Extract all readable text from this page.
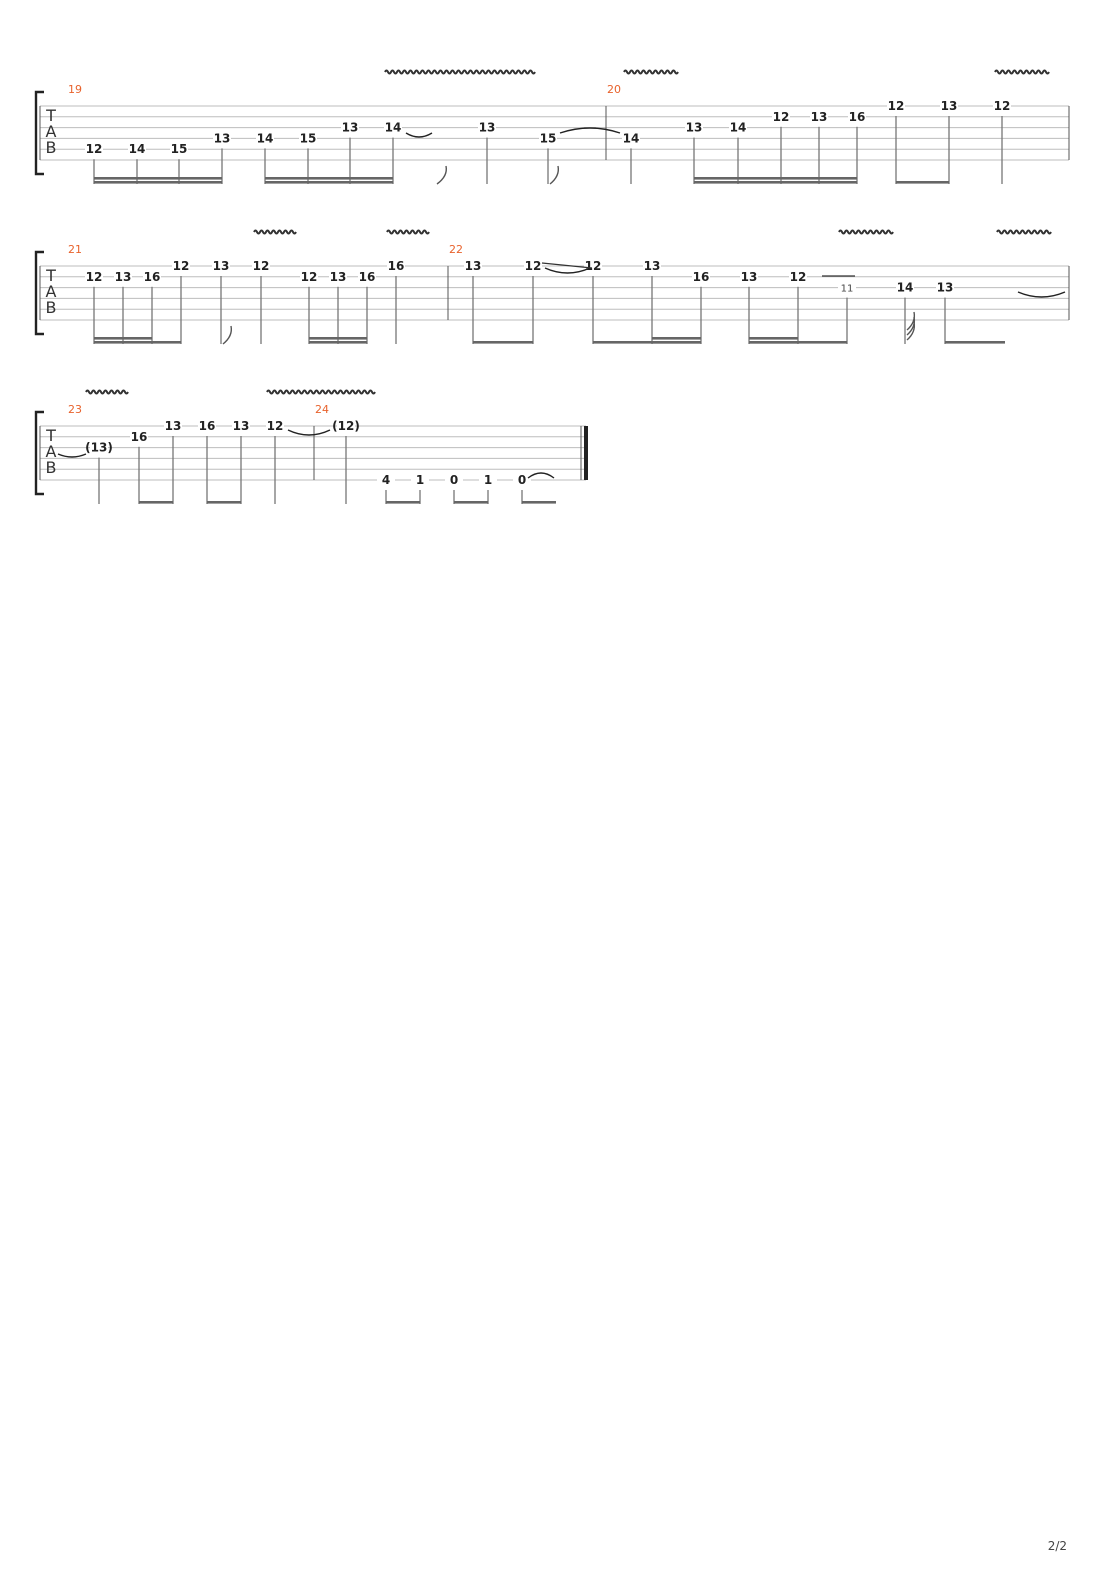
T
A
B
19
12 14 15
13 14 15
13 14	13
15
20
14
13 14
12 13 16
12	13	12
T
A
B
21
12 13 16
12 13 12
12 13 16
16
22
13	12	12	13
16	13	12
11	14 13
T
A
B
23
(13)
16
13 16 13 12
24
(12)
4 1 0 1 0
2/2
